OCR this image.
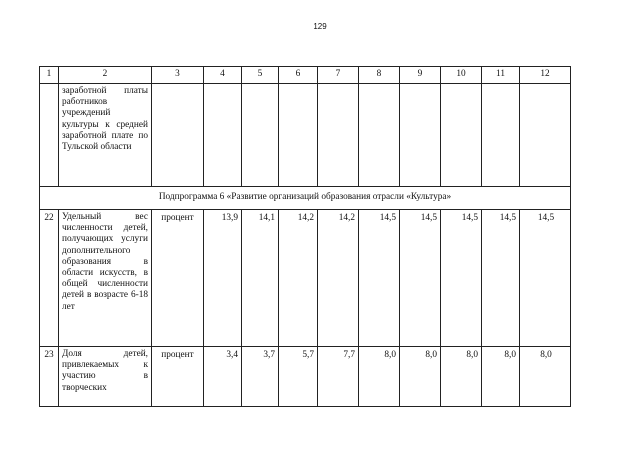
129
1	2	3	4	5	6	7	8	9	10	11	12
	заработной платы работников учреждений культуры к средней заработной плате по Тульской области										
Подпрограмма 6 «Развитие организаций образования отрасли «Культура»											
22	Удельный вес численности детей, получающих услуги дополнительного образования в области искусств, в общей численности детей в возрасте 6-18 лет	процент	13,9	14,1	14,2	14,2	14,5	14,5	14,5	14,5	14,5
23	Доля детей, привлекаемых к участию в творческих	процент	3,4	3,7	5,7	7,7	8,0	8,0	8,0	8,0	8,0
